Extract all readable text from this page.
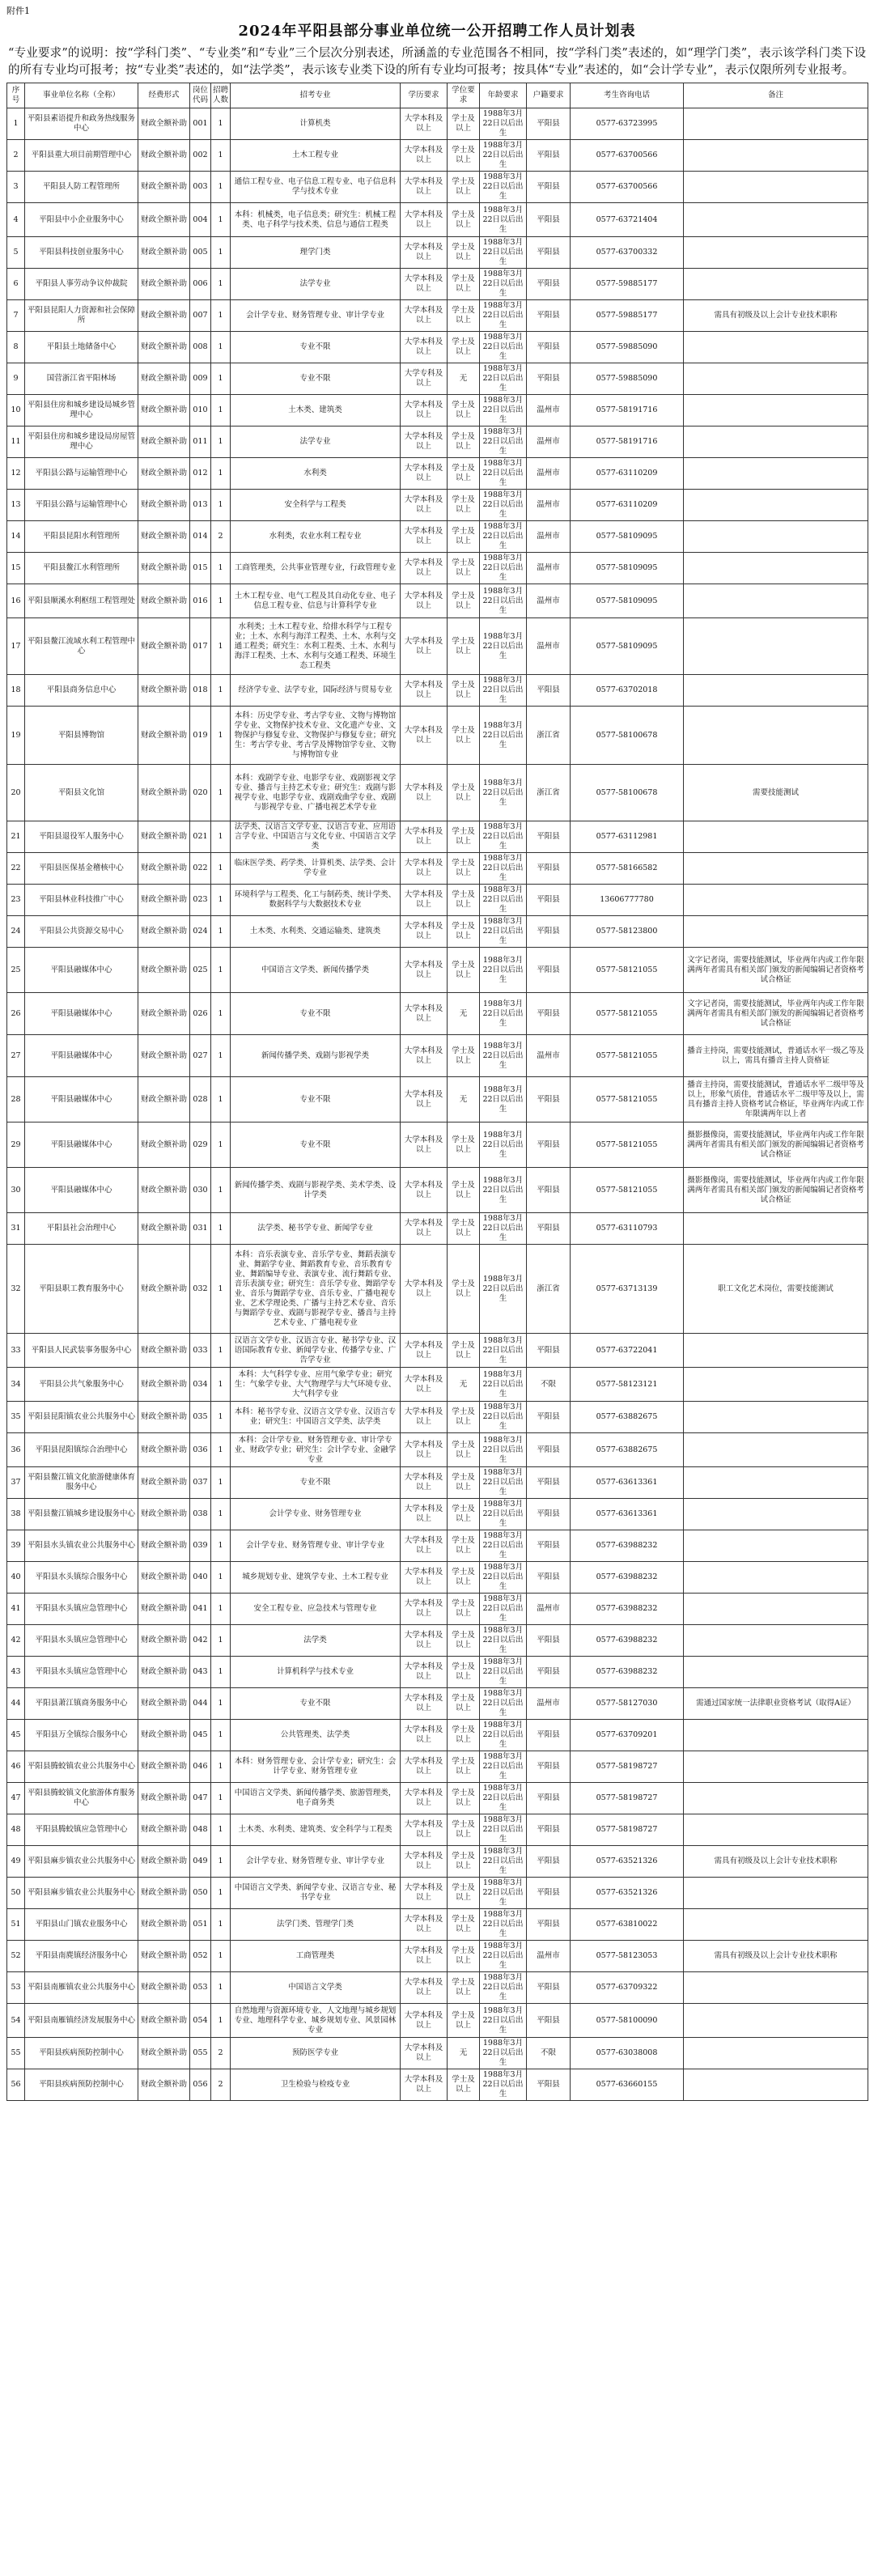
附件1
2024年平阳县部分事业单位统一公开招聘工作人员计划表
“专业要求”的说明：按“学科门类”、“专业类”和“专业”三个层次分别表述，所涵盖的专业范围各不相同，按“学科门类”表述的，如“理学门类”，表示该学科门类下设的所有专业均可报考；按“专业类”表述的，如“法学类”，表示该专业类下设的所有专业均可报考；按具体“专业”表述的，如“会计学专业”，表示仅限所列专业报考。
序号	事业单位名称（全称）	经费形式	岗位代码	招聘人数	招考专业	学历要求	学位要求	年龄要求	户籍要求	考生咨询电话	备注
1	平阳县素语提升和政务热线服务中心	财政全额补助	001	1	计算机类	大学本科及以上	学士及以上	1988年3月22日以后出生	平阳县	0577-63723995	
2	平阳县重大项目前期管理中心	财政全额补助	002	1	土木工程专业	大学本科及以上	学士及以上	1988年3月22日以后出生	平阳县	0577-63700566	
3	平阳县人防工程管理所	财政全额补助	003	1	通信工程专业、电子信息工程专业、电子信息科学与技术专业	大学本科及以上	学士及以上	1988年3月22日以后出生	平阳县	0577-63700566	
4	平阳县中小企业服务中心	财政全额补助	004	1	本科：机械类，电子信息类；研究生：机械工程类、电子科学与技术类、信息与通信工程类	大学本科及以上	学士及以上	1988年3月22日以后出生	平阳县	0577-63721404	
5	平阳县科技创业服务中心	财政全额补助	005	1	理学门类	大学本科及以上	学士及以上	1988年3月22日以后出生	平阳县	0577-63700332	
6	平阳县人事劳动争议仲裁院	财政全额补助	006	1	法学专业	大学本科及以上	学士及以上	1988年3月22日以后出生	平阳县	0577-59885177	
7	平阳县昆阳人力资源和社会保障所	财政全额补助	007	1	会计学专业、财务管理专业、审计学专业	大学本科及以上	学士及以上	1988年3月22日以后出生	平阳县	0577-59885177	需具有初级及以上会计专业技术职称
8	平阳县土地储备中心	财政全额补助	008	1	专业不限	大学本科及以上	学士及以上	1988年3月22日以后出生	平阳县	0577-59885090	
9	国营浙江省平阳林场	财政全额补助	009	1	专业不限	大学专科及以上	无	1988年3月22日以后出生	平阳县	0577-59885090	
10	平阳县住房和城乡建设局城乡管理中心	财政全额补助	010	1	土木类、建筑类	大学本科及以上	学士及以上	1988年3月22日以后出生	温州市	0577-58191716	
11	平阳县住房和城乡建设局房屋管理中心	财政全额补助	011	1	法学专业	大学本科及以上	学士及以上	1988年3月22日以后出生	温州市	0577-58191716	
12	平阳县公路与运输管理中心	财政全额补助	012	1	水利类	大学本科及以上	学士及以上	1988年3月22日以后出生	温州市	0577-63110209	
13	平阳县公路与运输管理中心	财政全额补助	013	1	安全科学与工程类	大学本科及以上	学士及以上	1988年3月22日以后出生	温州市	0577-63110209	
14	平阳县昆阳水利管理所	财政全额补助	014	2	水利类，农业水利工程专业	大学本科及以上	学士及以上	1988年3月22日以后出生	温州市	0577-58109095	
15	平阳县鳌江水利管理所	财政全额补助	015	1	工商管理类，公共事业管理专业，行政管理专业	大学本科及以上	学士及以上	1988年3月22日以后出生	温州市	0577-58109095	
16	平阳县顺溪水利枢纽工程管理处	财政全额补助	016	1	土木工程专业、电气工程及其自动化专业、电子信息工程专业、信息与计算科学专业	大学本科及以上	学士及以上	1988年3月22日以后出生	温州市	0577-58109095	
17	平阳县鳌江流域水利工程管理中心	财政全额补助	017	1	水利类；土木工程专业、给排水科学与工程专业；土木、水利与海洋工程类、土木、水利与交通工程类；研究生：水利工程类、土木、水利与海洋工程类、土木、水利与交通工程类、环境生态工程类	大学本科及以上	学士及以上	1988年3月22日以后出生	温州市	0577-58109095	
18	平阳县商务信息中心	财政全额补助	018	1	经济学专业、法学专业，国际经济与贸易专业	大学本科及以上	学士及以上	1988年3月22日以后出生	平阳县	0577-63702018	
19	平阳县博物馆	财政全额补助	019	1	本科：历史学专业、考古学专业、文物与博物馆学专业、文物保护技术专业、文化遗产专业、文物保护与修复专业、文物保护与修复专业；研究生：考古学专业、考古学及博物馆学专业、文物与博物馆专业	大学本科及以上	学士及以上	1988年3月22日以后出生	浙江省	0577-58100678	
20	平阳县文化馆	财政全额补助	020	1	本科：戏剧学专业、电影学专业、戏剧影视文学专业、播音与主持艺术专业；研究生：戏剧与影视学专业、电影学专业、戏剧戏曲学专业、戏剧与影视学专业、广播电视艺术学专业	大学本科及以上	学士及以上	1988年3月22日以后出生	浙江省	0577-58100678	需要技能测试
21	平阳县退役军人服务中心	财政全额补助	021	1	法学类、汉语言文学专业、汉语言专业、应用语言学专业、中国语言与文化专业、中国语言文学类	大学本科及以上	学士及以上	1988年3月22日以后出生	平阳县	0577-63112981	
22	平阳县医保基金稽核中心	财政全额补助	022	1	临床医学类、药学类、计算机类、法学类、会计学专业	大学本科及以上	学士及以上	1988年3月22日以后出生	平阳县	0577-58166582	
23	平阳县林业科技推广中心	财政全额补助	023	1	环境科学与工程类、化工与制药类、统计学类、数据科学与大数据技术专业	大学本科及以上	学士及以上	1988年3月22日以后出生	平阳县	13606777780	
24	平阳县公共资源交易中心	财政全额补助	024	1	土木类、水利类、交通运输类、建筑类	大学本科及以上	学士及以上	1988年3月22日以后出生	平阳县	0577-58123800	
25	平阳县融媒体中心	财政全额补助	025	1	中国语言文学类、新闻传播学类	大学本科及以上	学士及以上	1988年3月22日以后出生	平阳县	0577-58121055	文字记者岗，需要技能测试，毕业两年内或工作年限满两年者需具有相关部门颁发的新闻编辑记者资格考试合格证
26	平阳县融媒体中心	财政全额补助	026	1	专业不限	大学本科及以上	无	1988年3月22日以后出生	平阳县	0577-58121055	文字记者岗，需要技能测试，毕业两年内或工作年限满两年者需具有相关部门颁发的新闻编辑记者资格考试合格证
27	平阳县融媒体中心	财政全额补助	027	1	新闻传播学类、戏剧与影视学类	大学本科及以上	学士及以上	1988年3月22日以后出生	温州市	0577-58121055	播音主持岗，需要技能测试，普通话水平一级乙等及以上，需具有播音主持人资格证
28	平阳县融媒体中心	财政全额补助	028	1	专业不限	大学本科及以上	无	1988年3月22日以后出生	平阳县	0577-58121055	播音主持岗，需要技能测试，普通话水平二级甲等及以上，形象气质佳，普通话水平二级甲等及以上，需具有播音主持人资格考试合格证，毕业两年内或工作年限满两年以上者
29	平阳县融媒体中心	财政全额补助	029	1	专业不限	大学本科及以上	学士及以上	1988年3月22日以后出生	平阳县	0577-58121055	摄影摄像岗，需要技能测试，毕业两年内或工作年限满两年者需具有相关部门颁发的新闻编辑记者资格考试合格证
30	平阳县融媒体中心	财政全额补助	030	1	新闻传播学类、戏剧与影视学类、美术学类、设计学类	大学本科及以上	学士及以上	1988年3月22日以后出生	平阳县	0577-58121055	摄影摄像岗，需要技能测试，毕业两年内或工作年限满两年者需具有相关部门颁发的新闻编辑记者资格考试合格证
31	平阳县社会治理中心	财政全额补助	031	1	法学类、秘书学专业、新闻学专业	大学本科及以上	学士及以上	1988年3月22日以后出生	平阳县	0577-63110793	
32	平阳县职工教育服务中心	财政全额补助	032	1	本科：音乐表演专业、音乐学专业、舞蹈表演专业、舞蹈学专业、舞蹈教育专业、音乐教育专业、舞蹈编导专业、表演专业、流行舞蹈专业、音乐表演专业；研究生：音乐学专业、舞蹈学专业、音乐与舞蹈学专业、音乐专业、广播电视专业、艺术学理论类、广播与主持艺术专业、音乐与舞蹈学专业、戏剧与影视学专业、播音与主持艺术专业、广播电视专业	大学本科及以上	学士及以上	1988年3月22日以后出生	浙江省	0577-63713139	职工文化艺术岗位，需要技能测试
33	平阳县人民武装事务服务中心	财政全额补助	033	1	汉语言文学专业、汉语言专业、秘书学专业、汉语国际教育专业、新闻学专业、传播学专业、广告学专业	大学本科及以上	学士及以上	1988年3月22日以后出生	平阳县	0577-63722041	
34	平阳县公共气象服务中心	财政全额补助	034	1	本科：大气科学专业、应用气象学专业；研究生：气象学专业、大气物理学与大气环境专业、大气科学专业	大学本科及以上	无	1988年3月22日以后出生	不限	0577-58123121	
35	平阳县昆阳镇农业公共服务中心	财政全额补助	035	1	本科：秘书学专业、汉语言文学专业、汉语言专业；研究生：中国语言文学类、法学类	大学本科及以上	学士及以上	1988年3月22日以后出生	平阳县	0577-63882675	
36	平阳县昆阳镇综合治理中心	财政全额补助	036	1	本科：会计学专业、财务管理专业、审计学专业、财政学专业；研究生：会计学专业、金融学专业	大学本科及以上	学士及以上	1988年3月22日以后出生	平阳县	0577-63882675	
37	平阳县鳌江镇文化旅游健康体育服务中心	财政全额补助	037	1	专业不限	大学本科及以上	学士及以上	1988年3月22日以后出生	平阳县	0577-63613361	
38	平阳县鳌江镇城乡建设服务中心	财政全额补助	038	1	会计学专业、财务管理专业	大学本科及以上	学士及以上	1988年3月22日以后出生	平阳县	0577-63613361	
39	平阳县水头镇农业公共服务中心	财政全额补助	039	1	会计学专业、财务管理专业、审计学专业	大学本科及以上	学士及以上	1988年3月22日以后出生	平阳县	0577-63988232	
40	平阳县水头镇综合服务中心	财政全额补助	040	1	城乡规划专业、建筑学专业、土木工程专业	大学本科及以上	学士及以上	1988年3月22日以后出生	平阳县	0577-63988232	
41	平阳县水头镇应急管理中心	财政全额补助	041	1	安全工程专业、应急技术与管理专业	大学本科及以上	学士及以上	1988年3月22日以后出生	温州市	0577-63988232	
42	平阳县水头镇应急管理中心	财政全额补助	042	1	法学类	大学本科及以上	学士及以上	1988年3月22日以后出生	平阳县	0577-63988232	
43	平阳县水头镇应急管理中心	财政全额补助	043	1	计算机科学与技术专业	大学本科及以上	学士及以上	1988年3月22日以后出生	平阳县	0577-63988232	
44	平阳县萧江镇商务服务中心	财政全额补助	044	1	专业不限	大学本科及以上	学士及以上	1988年3月22日以后出生	温州市	0577-58127030	需通过国家统一法律职业资格考试（取得A证）
45	平阳县万全镇综合服务中心	财政全额补助	045	1	公共管理类、法学类	大学本科及以上	学士及以上	1988年3月22日以后出生	平阳县	0577-63709201	
46	平阳县腾蛟镇农业公共服务中心	财政全额补助	046	1	本科：财务管理专业、会计学专业；研究生：会计学专业、财务管理专业	大学本科及以上	学士及以上	1988年3月22日以后出生	平阳县	0577-58198727	
47	平阳县腾蛟镇文化旅游体育服务中心	财政全额补助	047	1	中国语言文学类、新闻传播学类、旅游管理类，电子商务类	大学本科及以上	学士及以上	1988年3月22日以后出生	平阳县	0577-58198727	
48	平阳县腾蛟镇应急管理中心	财政全额补助	048	1	土木类、水利类、建筑类、安全科学与工程类	大学本科及以上	学士及以上	1988年3月22日以后出生	平阳县	0577-58198727	
49	平阳县麻步镇农业公共服务中心	财政全额补助	049	1	会计学专业、财务管理专业、审计学专业	大学本科及以上	学士及以上	1988年3月22日以后出生	平阳县	0577-63521326	需具有初级及以上会计专业技术职称
50	平阳县麻步镇农业公共服务中心	财政全额补助	050	1	中国语言文学类、新闻学专业、汉语言专业、秘书学专业	大学本科及以上	学士及以上	1988年3月22日以后出生	平阳县	0577-63521326	
51	平阳县山门镇农业服务中心	财政全额补助	051	1	法学门类、管理学门类	大学本科及以上	学士及以上	1988年3月22日以后出生	平阳县	0577-63810022	
52	平阳县南麂镇经济服务中心	财政全额补助	052	1	工商管理类	大学本科及以上	学士及以上	1988年3月22日以后出生	温州市	0577-58123053	需具有初级及以上会计专业技术职称
53	平阳县南雁镇农业公共服务中心	财政全额补助	053	1	中国语言文学类	大学本科及以上	学士及以上	1988年3月22日以后出生	平阳县	0577-63709322	
54	平阳县南雁镇经济发展服务中心	财政全额补助	054	1	自然地理与资源环境专业、人文地理与城乡规划专业、地理科学专业、城乡规划专业、风景园林专业	大学本科及以上	学士及以上	1988年3月22日以后出生	平阳县	0577-58100090	
55	平阳县疾病预防控制中心	财政全额补助	055	2	预防医学专业	大学本科及以上	无	1988年3月22日以后出生	不限	0577-63038008	
56	平阳县疾病预防控制中心	财政全额补助	056	2	卫生检验与检疫专业	大学本科及以上	学士及以上	1988年3月22日以后出生	平阳县	0577-63660155	
